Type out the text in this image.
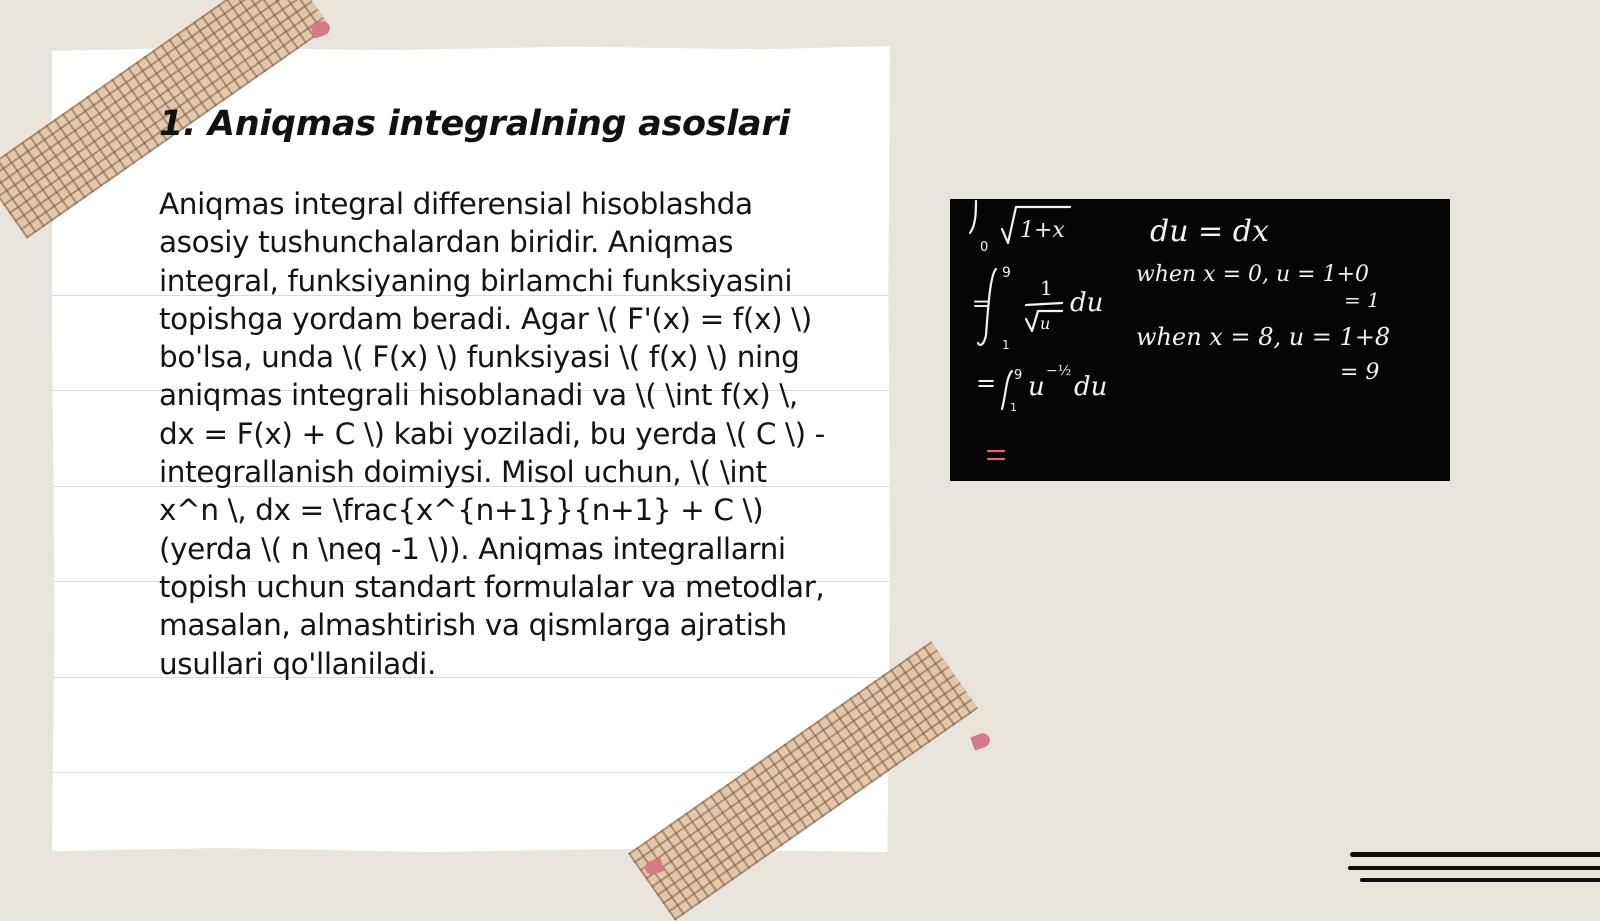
1. Aniqmas integralning asoslari

Aniqmas integral differensial hisoblashda asosiy tushunchalardan biridir. Aniqmas integral, funksiyaning birlamchi funksiyasini topishga yordam beradi. Agar \( F'(x) = f(x) \) bo'lsa, unda \( F(x) \) funksiyasi \( f(x) \) ning aniqmas integrali hisoblanadi va \( \int f(x) \, dx = F(x) + C \) kabi yoziladi, bu yerda \( C \) - integrallanish doimiysi. Misol uchun, \( \int x^n \, dx = \frac{x^{n+1}}{n+1} + C \) (yerda \( n \neq -1 \)). Aniqmas integrallarni topish uchun standart formulalar va metodlar, masalan, almashtirish va qismlarga ajratish usullari qo'llaniladi.

0
1+x
9
1
=
1
u
du
= 9
1
u
−½
du
du = dx
when x = 0, u = 1+0
= 1
when x = 8, u = 1+8
= 9
